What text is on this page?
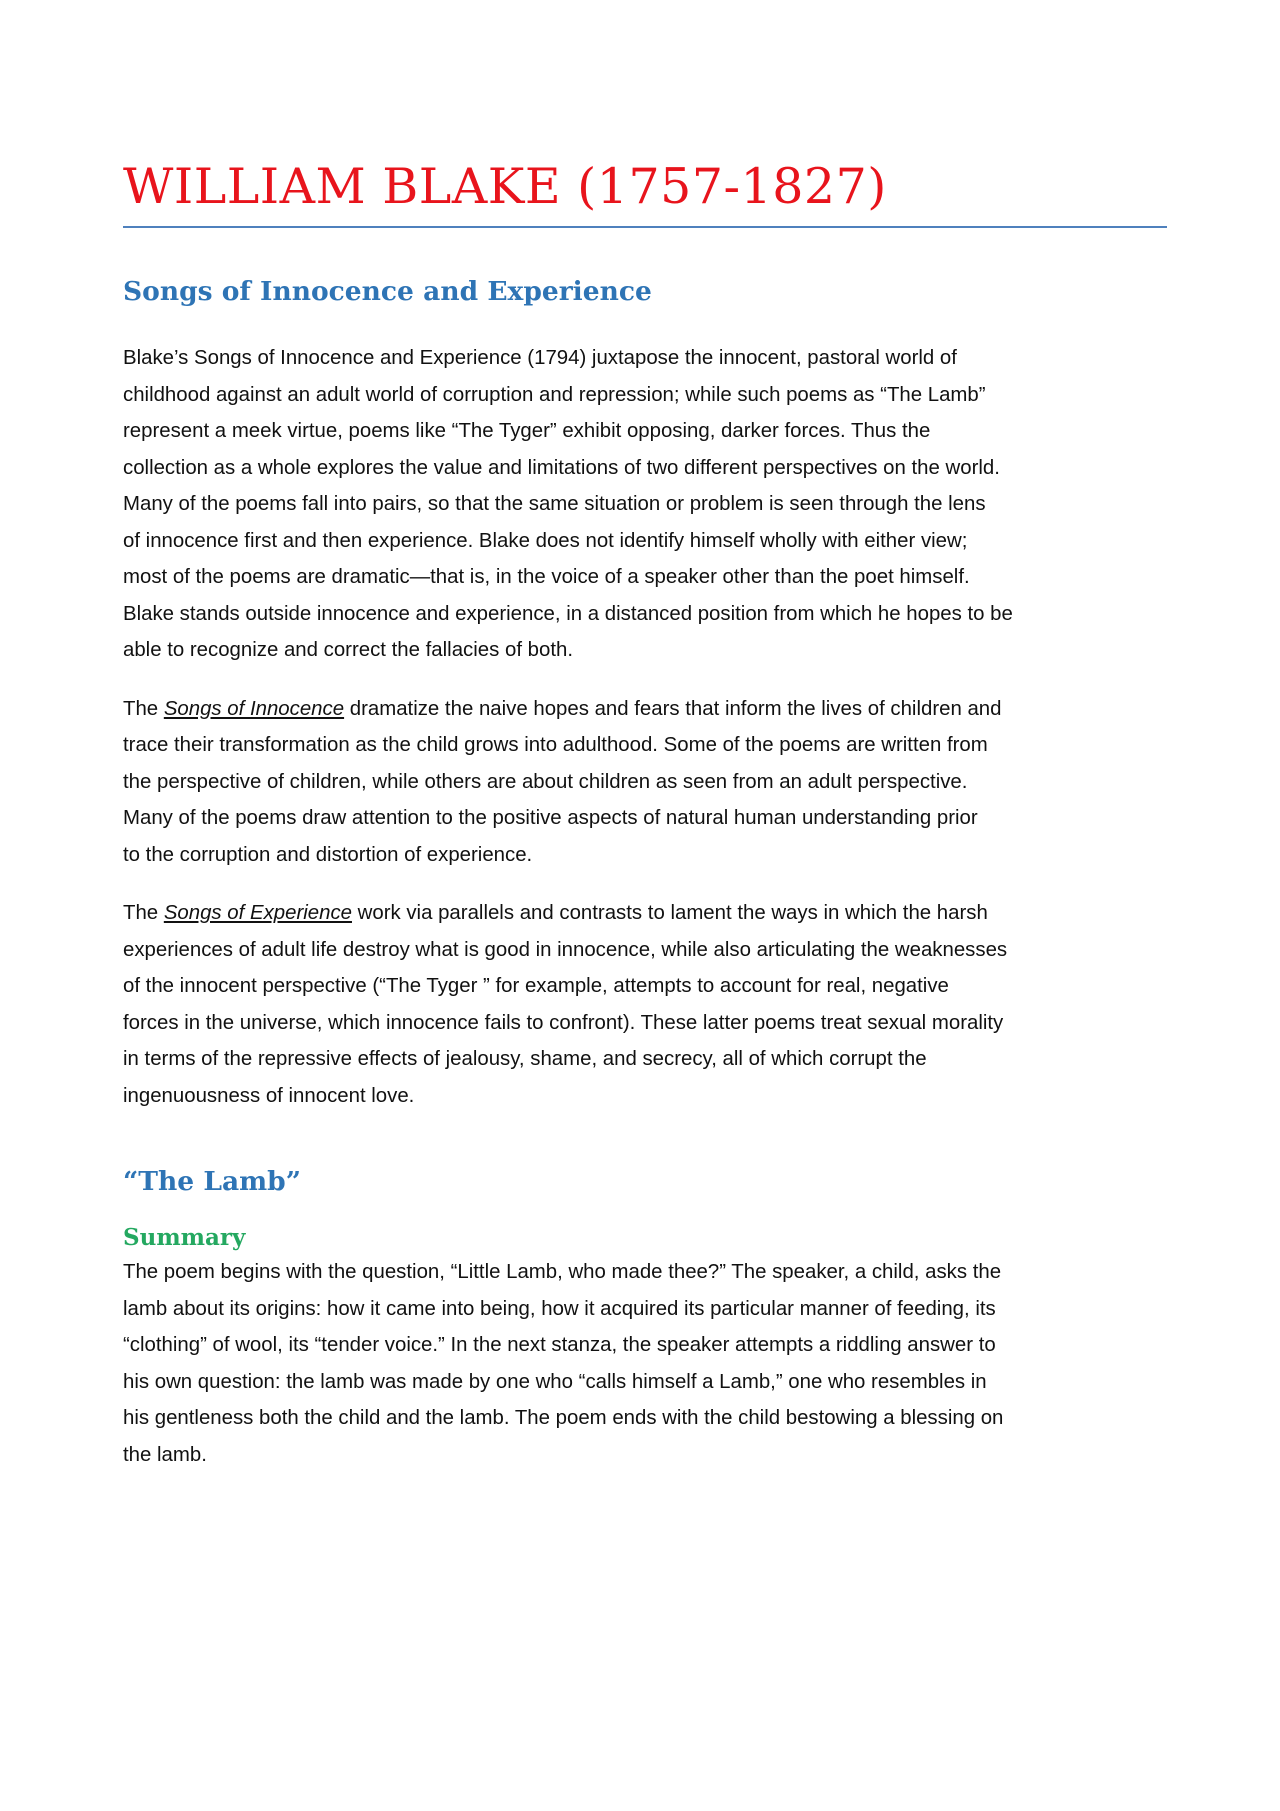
WILLIAM BLAKE (1757-1827)
Songs of Innocence and Experience

Blake’s Songs of Innocence and Experience (1794) juxtapose the innocent, pastoral world of
childhood against an adult world of corruption and repression; while such poems as “The Lamb”
represent a meek virtue, poems like “The Tyger” exhibit opposing, darker forces. Thus the
collection as a whole explores the value and limitations of two different perspectives on the world.
Many of the poems fall into pairs, so that the same situation or problem is seen through the lens
of innocence first and then experience. Blake does not identify himself wholly with either view;
most of the poems are dramatic—that is, in the voice of a speaker other than the poet himself.
Blake stands outside innocence and experience, in a distanced position from which he hopes to be
able to recognize and correct the fallacies of both.

The Songs of Innocence dramatize the naive hopes and fears that inform the lives of children and
trace their transformation as the child grows into adulthood. Some of the poems are written from
the perspective of children, while others are about children as seen from an adult perspective.
Many of the poems draw attention to the positive aspects of natural human understanding prior
to the corruption and distortion of experience.

The Songs of Experience work via parallels and contrasts to lament the ways in which the harsh
experiences of adult life destroy what is good in innocence, while also articulating the weaknesses
of the innocent perspective (“The Tyger ” for example, attempts to account for real, negative
forces in the universe, which innocence fails to confront). These latter poems treat sexual morality
in terms of the repressive effects of jealousy, shame, and secrecy, all of which corrupt the
ingenuousness of innocent love.

“The Lamb”
Summary

The poem begins with the question, “Little Lamb, who made thee?” The speaker, a child, asks the
lamb about its origins: how it came into being, how it acquired its particular manner of feeding, its
“clothing” of wool, its “tender voice.” In the next stanza, the speaker attempts a riddling answer to
his own question: the lamb was made by one who “calls himself a Lamb,” one who resembles in
his gentleness both the child and the lamb. The poem ends with the child bestowing a blessing on
the lamb.
